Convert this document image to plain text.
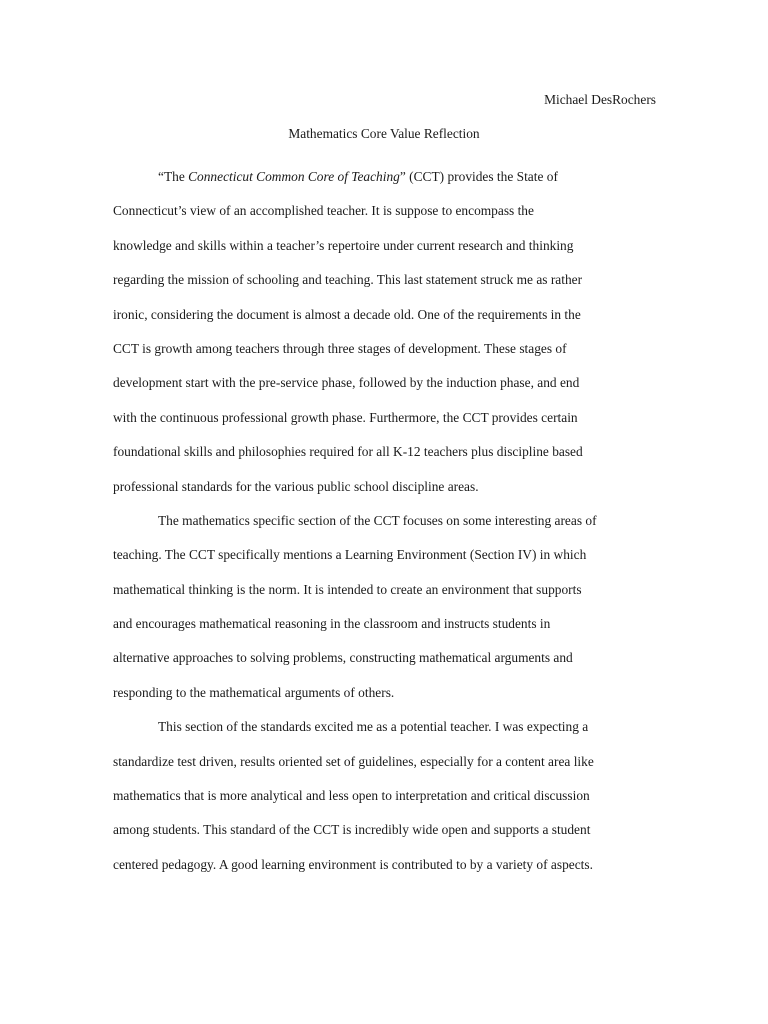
Michael DesRochers
Mathematics Core Value Reflection
“The Connecticut Common Core of Teaching” (CCT) provides the State of
Connecticut’s view of an accomplished teacher. It is suppose to encompass the
knowledge and skills within a teacher’s repertoire under current research and thinking
regarding the mission of schooling and teaching. This last statement struck me as rather
ironic, considering the document is almost a decade old. One of the requirements in the
CCT is growth among teachers through three stages of development. These stages of
development start with the pre-service phase, followed by the induction phase, and end
with the continuous professional growth phase. Furthermore, the CCT provides certain
foundational skills and philosophies required for all K-12 teachers plus discipline based
professional standards for the various public school discipline areas.
The mathematics specific section of the CCT focuses on some interesting areas of
teaching. The CCT specifically mentions a Learning Environment (Section IV) in which
mathematical thinking is the norm. It is intended to create an environment that supports
and encourages mathematical reasoning in the classroom and instructs students in
alternative approaches to solving problems, constructing mathematical arguments and
responding to the mathematical arguments of others.
This section of the standards excited me as a potential teacher. I was expecting a
standardize test driven, results oriented set of guidelines, especially for a content area like
mathematics that is more analytical and less open to interpretation and critical discussion
among students. This standard of the CCT is incredibly wide open and supports a student
centered pedagogy. A good learning environment is contributed to by a variety of aspects.
